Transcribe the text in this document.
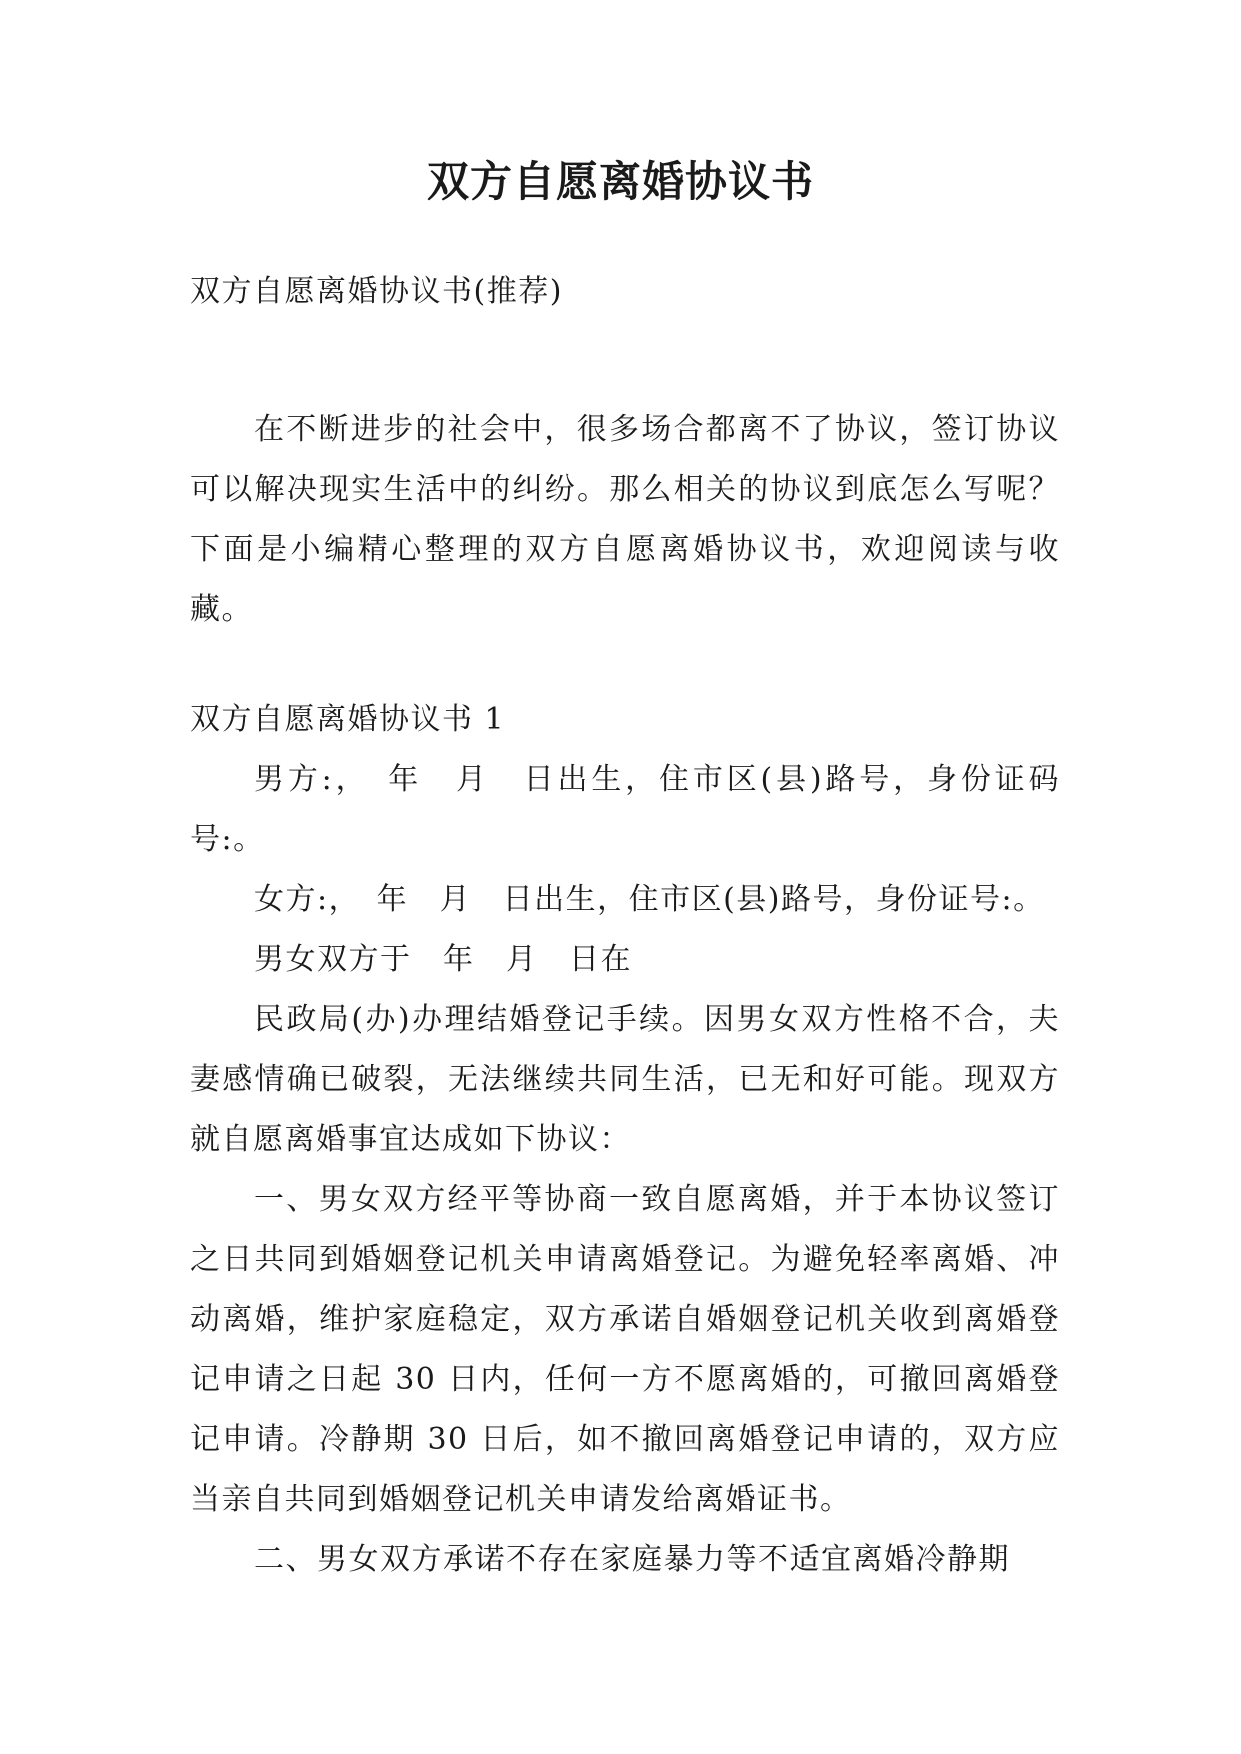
双方自愿离婚协议书

双方自愿离婚协议书(推荐)

在不断进步的社会中，很多场合都离不了协议，签订协议可以解决现实生活中的纠纷。那么相关的协议到底怎么写呢？下面是小编精心整理的双方自愿离婚协议书，欢迎阅读与收藏。

双方自愿离婚协议书 1

男方:，　年　月　日出生，住市区(县)路号，身份证码号:。

女方:，　年　月　日出生，住市区(县)路号，身份证号:。

男女双方于　年　月　日在

民政局(办)办理结婚登记手续。因男女双方性格不合，夫妻感情确已破裂，无法继续共同生活，已无和好可能。现双方就自愿离婚事宜达成如下协议：

一、男女双方经平等协商一致自愿离婚，并于本协议签订之日共同到婚姻登记机关申请离婚登记。为避免轻率离婚、冲动离婚，维护家庭稳定，双方承诺自婚姻登记机关收到离婚登记申请之日起 30 日内，任何一方不愿离婚的，可撤回离婚登记申请。冷静期 30 日后，如不撤回离婚登记申请的，双方应当亲自共同到婚姻登记机关申请发给离婚证书。

二、男女双方承诺不存在家庭暴力等不适宜离婚冷静期
